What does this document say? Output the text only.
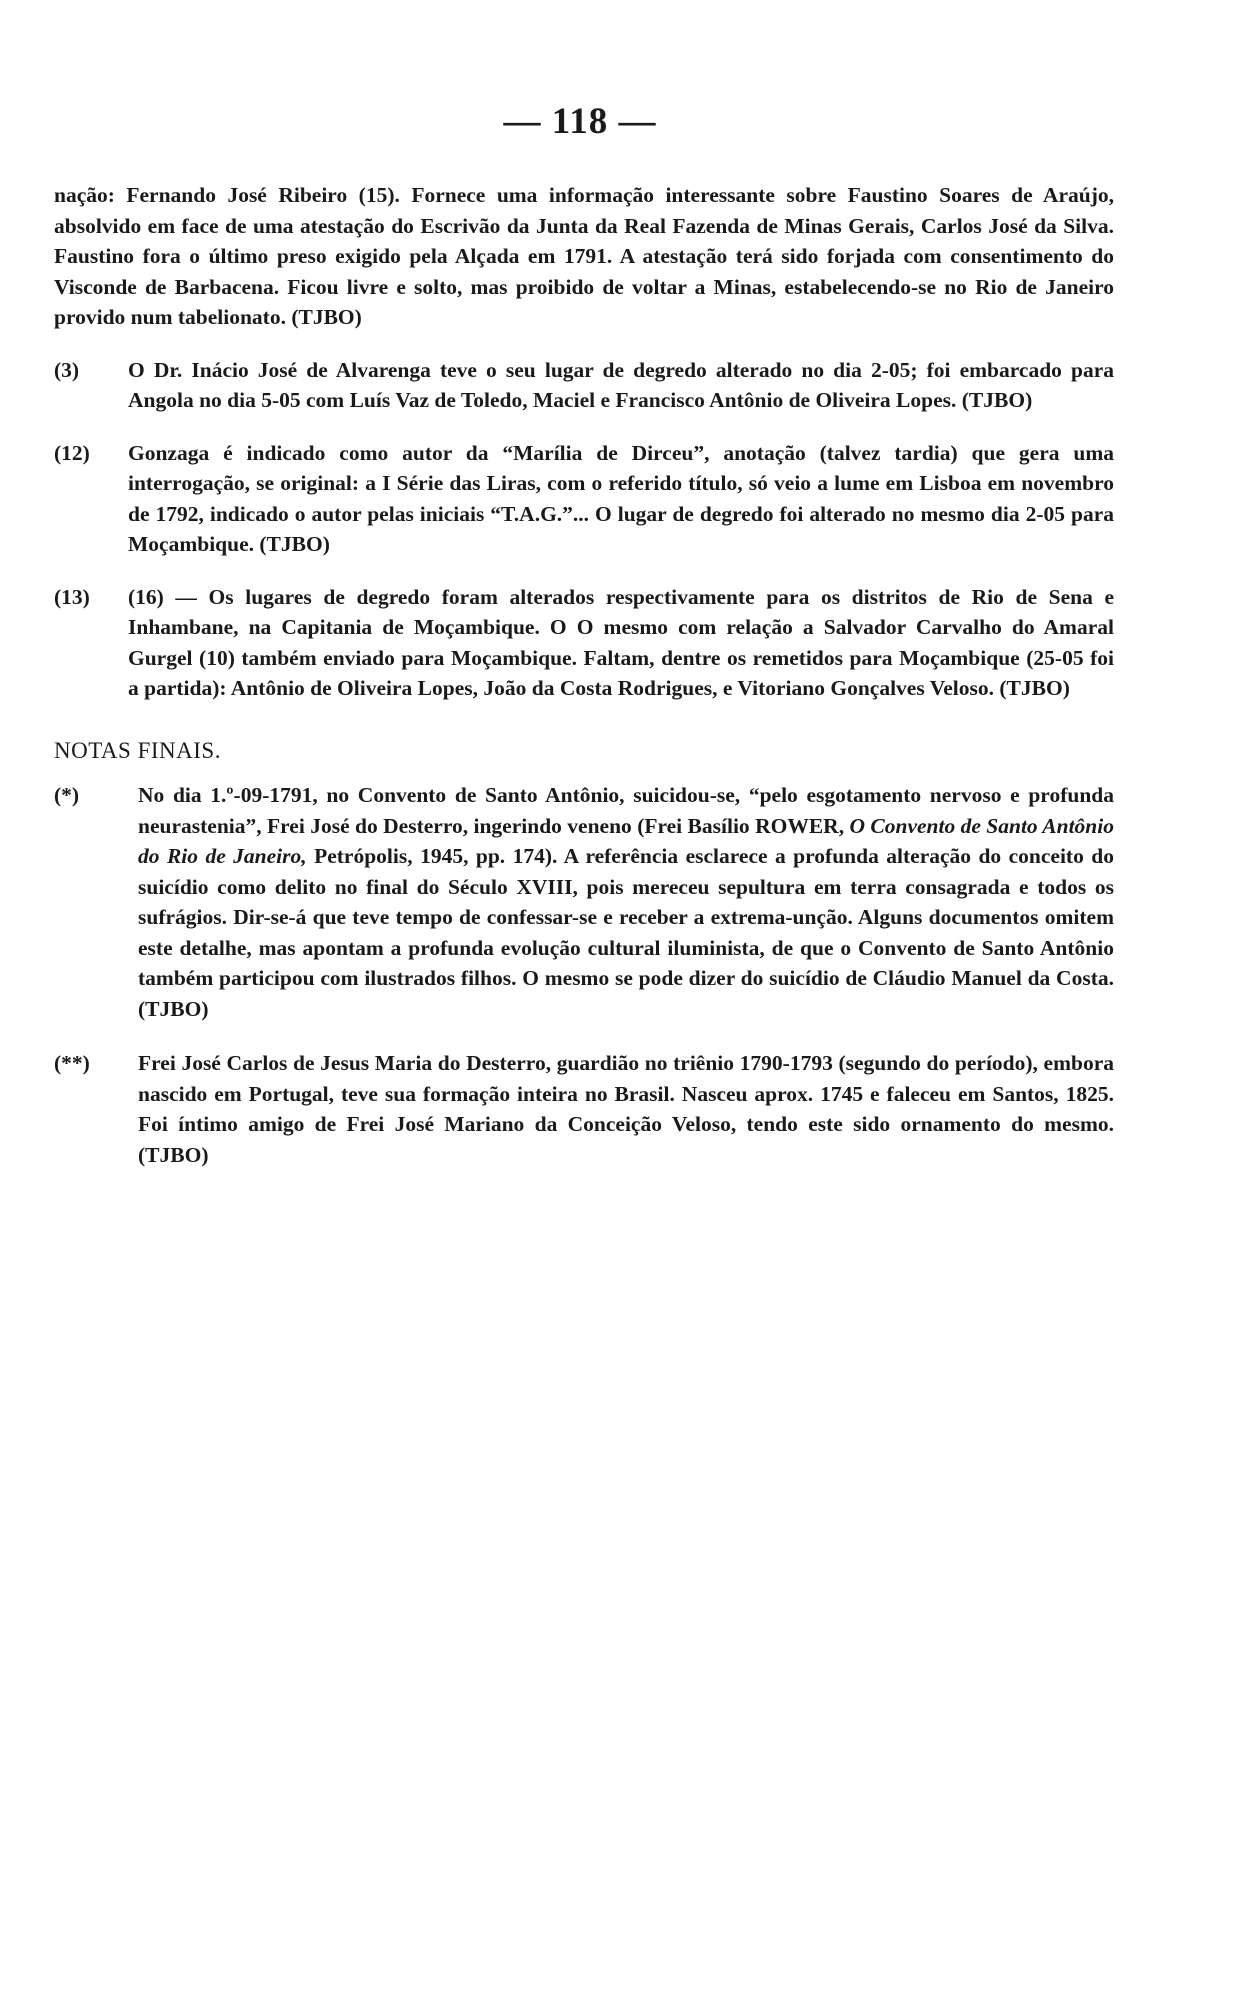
— 118 —

nação: Fernando José Ribeiro (15). Fornece uma informação interessante sobre Faustino Soares de Araújo, absolvido em face de uma atestação do Escrivão da Junta da Real Fazenda de Minas Gerais, Carlos José da Silva. Faustino fora o último preso exigido pela Alçada em 1791. A atestação terá sido forjada com consentimento do Visconde de Barbacena. Ficou livre e solto, mas proibido de voltar a Minas, estabelecendo-se no Rio de Janeiro provido num tabelionato. (TJBO)

(3)	O Dr. Inácio José de Alvarenga teve o seu lugar de degredo alterado no dia 2-05; foi embarcado para Angola no dia 5-05 com Luís Vaz de Toledo, Maciel e Francisco Antônio de Oliveira Lopes. (TJBO)
(12)	Gonzaga é indicado como autor da “Marília de Dirceu”, anotação (talvez tardia) que gera uma interrogação, se original: a I Série das Liras, com o referido título, só veio a lume em Lisboa em novembro de 1792, indicado o autor pelas iniciais “T.A.G.”... O lugar de degredo foi alterado no mesmo dia 2-05 para Moçambique. (TJBO)
(13)	(16) — Os lugares de degredo foram alterados respectivamente para os distritos de Rio de Sena e Inhambane, na Capitania de Moçambique. O O mesmo com relação a Salvador Carvalho do Amaral Gurgel (10) também enviado para Moçambique. Faltam, dentre os remetidos para Moçambique (25-05 foi a partida): Antônio de Oliveira Lopes, João da Costa Rodrigues, e Vitoriano Gonçalves Veloso. (TJBO)
NOTAS FINAIS.
(*)	No dia 1.º-09-1791, no Convento de Santo Antônio, suicidou-se, “pelo esgotamento nervoso e profunda neurastenia”, Frei José do Desterro, ingerindo veneno (Frei Basílio ROWER, O Convento de Santo Antônio do Rio de Janeiro, Petrópolis, 1945, pp. 174). A referência esclarece a profunda alteração do conceito do suicídio como delito no final do Século XVIII, pois mereceu sepultura em terra consagrada e todos os sufrágios. Dir-se-á que teve tempo de confessar-se e receber a extrema-unção. Alguns documentos omitem este detalhe, mas apontam a profunda evolução cultural iluminista, de que o Convento de Santo Antônio também participou com ilustrados filhos. O mesmo se pode dizer do suicídio de Cláudio Manuel da Costa. (TJBO)
(**)	Frei José Carlos de Jesus Maria do Desterro, guardião no triênio 1790-1793 (segundo do período), embora nascido em Portugal, teve sua formação inteira no Brasil. Nasceu aprox. 1745 e faleceu em Santos, 1825. Foi íntimo amigo de Frei José Mariano da Conceição Veloso, tendo este sido ornamento do mesmo. (TJBO)
